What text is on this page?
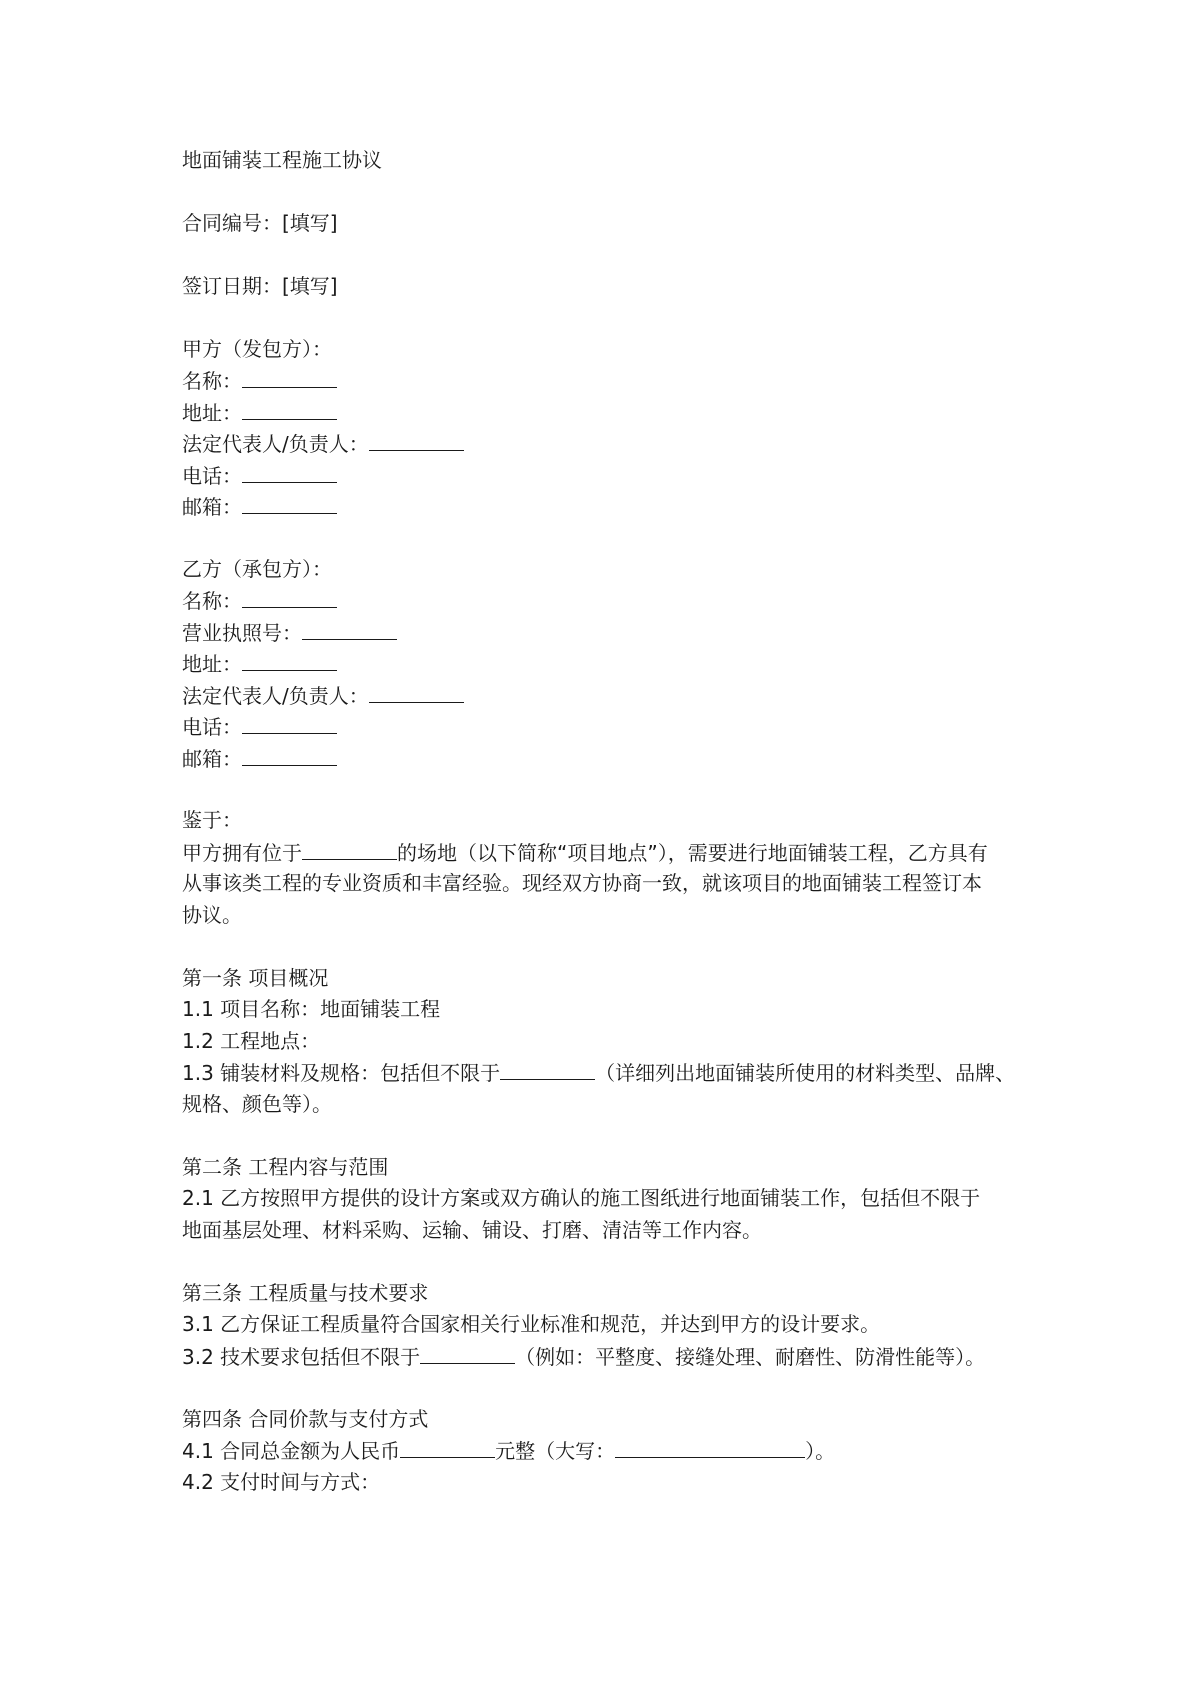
地面铺装工程施工协议
合同编号：[填写]
签订日期：[填写]
甲方（发包方）：
名称：
地址：
法定代表人/负责人：
电话：
邮箱：
乙方（承包方）：
名称：
营业执照号：
地址：
法定代表人/负责人：
电话：
邮箱：
鉴于：
甲方拥有位于	的场地（以下简称“项目地点”），需要进行地面铺装工程，乙方具有
从事该类工程的专业资质和丰富经验。现经双方协商一致，就该项目的地面铺装工程签订本
协议。
第一条 项目概况
1.1 项目名称：地面铺装工程
1.2 工程地点：
1.3 铺装材料及规格：包括但不限于	（详细列出地面铺装所使用的材料类型、品牌、
规格、颜色等）。
第二条 工程内容与范围
2.1 乙方按照甲方提供的设计方案或双方确认的施工图纸进行地面铺装工作，包括但不限于
地面基层处理、材料采购、运输、铺设、打磨、清洁等工作内容。
第三条 工程质量与技术要求
3.1 乙方保证工程质量符合国家相关行业标准和规范，并达到甲方的设计要求。
3.2 技术要求包括但不限于	（例如：平整度、接缝处理、耐磨性、防滑性能等）。
第四条 合同价款与支付方式
4.1 合同总金额为人民币	元整（大写：	）。
4.2 支付时间与方式：
